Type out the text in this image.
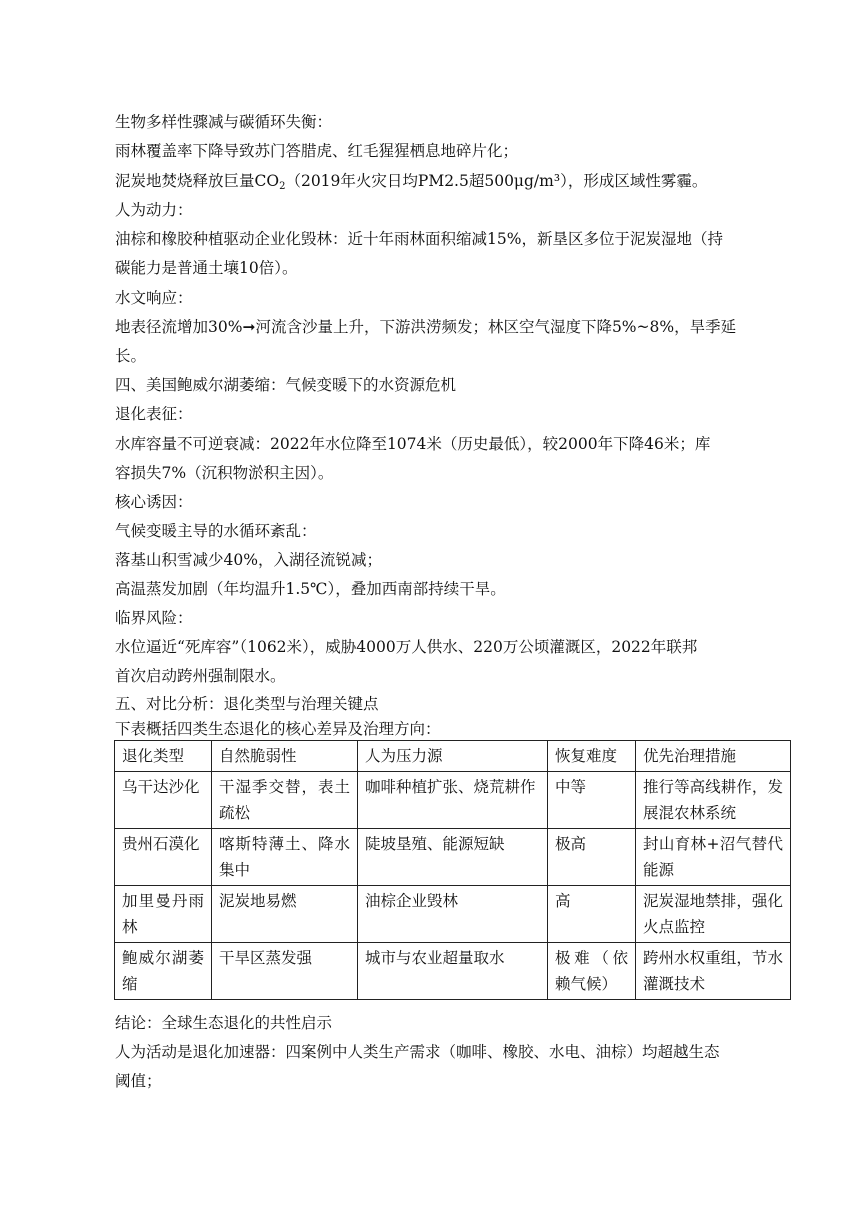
生物多样性骤减与碳循环失衡：
雨林覆盖率下降导致苏门答腊虎、红毛猩猩栖息地碎片化；
泥炭地焚烧释放巨量$CO_2(2019$年火灾日均PM2.5超500μg/m³），形成区域性雾霾。
人为动力：
油棕和橡胶种植驱动企业化毁林：近十年雨林面积缩减15%，新垦区多位于泥炭湿地（持
碳能力是普通土壤10倍）。
水文响应：
地表径流增加30%➞河流含沙量上升，下游洪涝频发；林区空气湿度下降5%~8%，旱季延
长。
四、美国鲍威尔湖萎缩：气候变暖下的水资源危机
退化表征：
水库容量不可逆衰减：2022年水位降至1074米（历史最低），较2000年下降46米；库
容损失7%（沉积物淤积主因）。
核心诱因：
气候变暖主导的水循环紊乱：
落基山积雪减少40%，入湖径流锐减；
高温蒸发加剧（年均温升1.5℃），叠加西南部持续干旱。
临界风险：
水位逼近“死库容”（1062米），威胁4000万人供水、220万公顷灌溉区，2022年联邦
首次启动跨州强制限水。
五、对比分析：退化类型与治理关键点
下表概括四类生态退化的核心差异及治理方向：
退化类型	自然脆弱性	人为压力源	恢复难度	优先治理措施
乌干达沙化	干湿季交替，表土疏松	咖啡种植扩张、烧荒耕作	中等	推行等高线耕作，发展混农林系统
贵州石漠化	喀斯特薄土、降水集中	陡坡垦殖、能源短缺	极高	封山育林+沼气替代能源
加里曼丹雨林	泥炭地易燃	油棕企业毁林	高	泥炭湿地禁排，强化火点监控
鲍威尔湖萎缩	干旱区蒸发强	城市与农业超量取水	极难（依赖气候）	跨州水权重组，节水灌溉技术
结论：全球生态退化的共性启示
人为活动是退化加速器：四案例中人类生产需求（咖啡、橡胶、水电、油棕）均超越生态
阈值；
